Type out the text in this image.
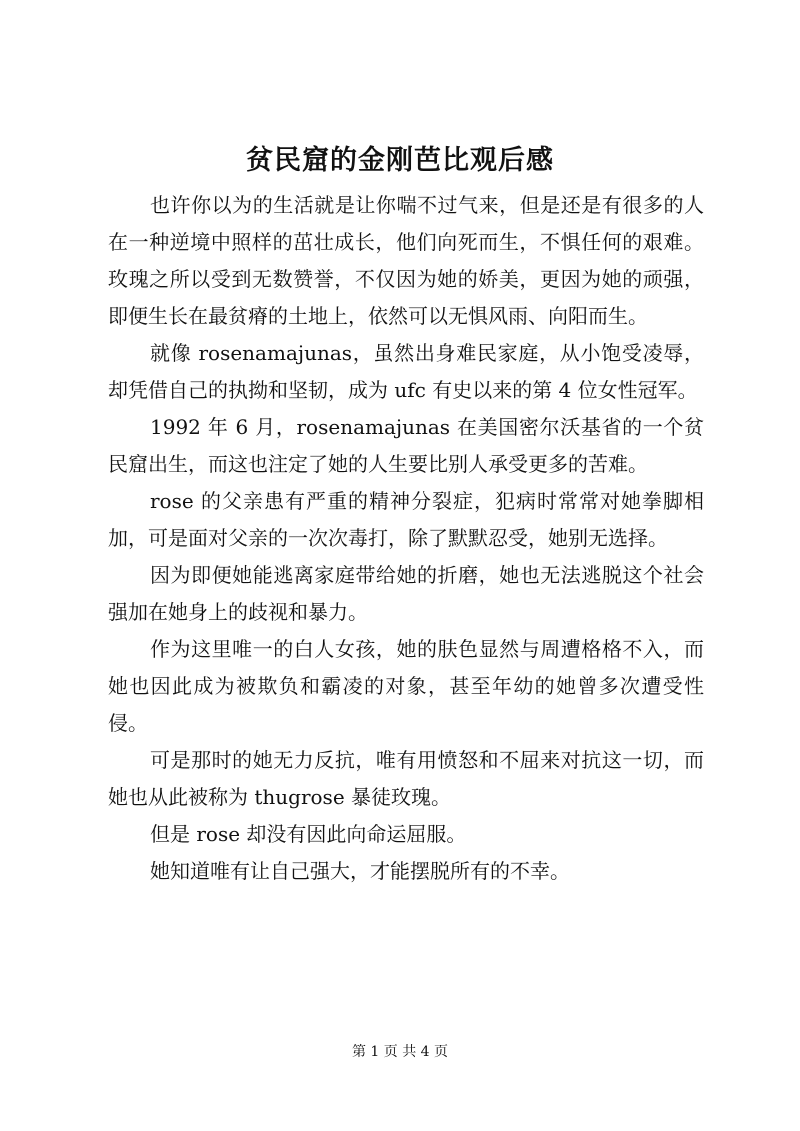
贫民窟的金刚芭比观后感

也许你以为的生活就是让你喘不过气来，但是还是有很多的人在一种逆境中照样的茁壮成长，他们向死而生，不惧任何的艰难。玫瑰之所以受到无数赞誉，不仅因为她的娇美，更因为她的顽强，即便生长在最贫瘠的土地上，依然可以无惧风雨、向阳而生。

就像 rosenamajunas，虽然出身难民家庭，从小饱受凌辱，却凭借自己的执拗和坚韧，成为 ufc 有史以来的第 4 位女性冠军。

1992 年 6 月，rosenamajunas 在美国密尔沃基省的一个贫民窟出生，而这也注定了她的人生要比别人承受更多的苦难。

rose 的父亲患有严重的精神分裂症，犯病时常常对她拳脚相加，可是面对父亲的一次次毒打，除了默默忍受，她别无选择。

因为即便她能逃离家庭带给她的折磨，她也无法逃脱这个社会强加在她身上的歧视和暴力。

作为这里唯一的白人女孩，她的肤色显然与周遭格格不入，而她也因此成为被欺负和霸凌的对象，甚至年幼的她曾多次遭受性侵。

可是那时的她无力反抗，唯有用愤怒和不屈来对抗这一切，而她也从此被称为 thugrose 暴徒玫瑰。

但是 rose 却没有因此向命运屈服。

她知道唯有让自己强大，才能摆脱所有的不幸。

第 1 页 共 4 页
